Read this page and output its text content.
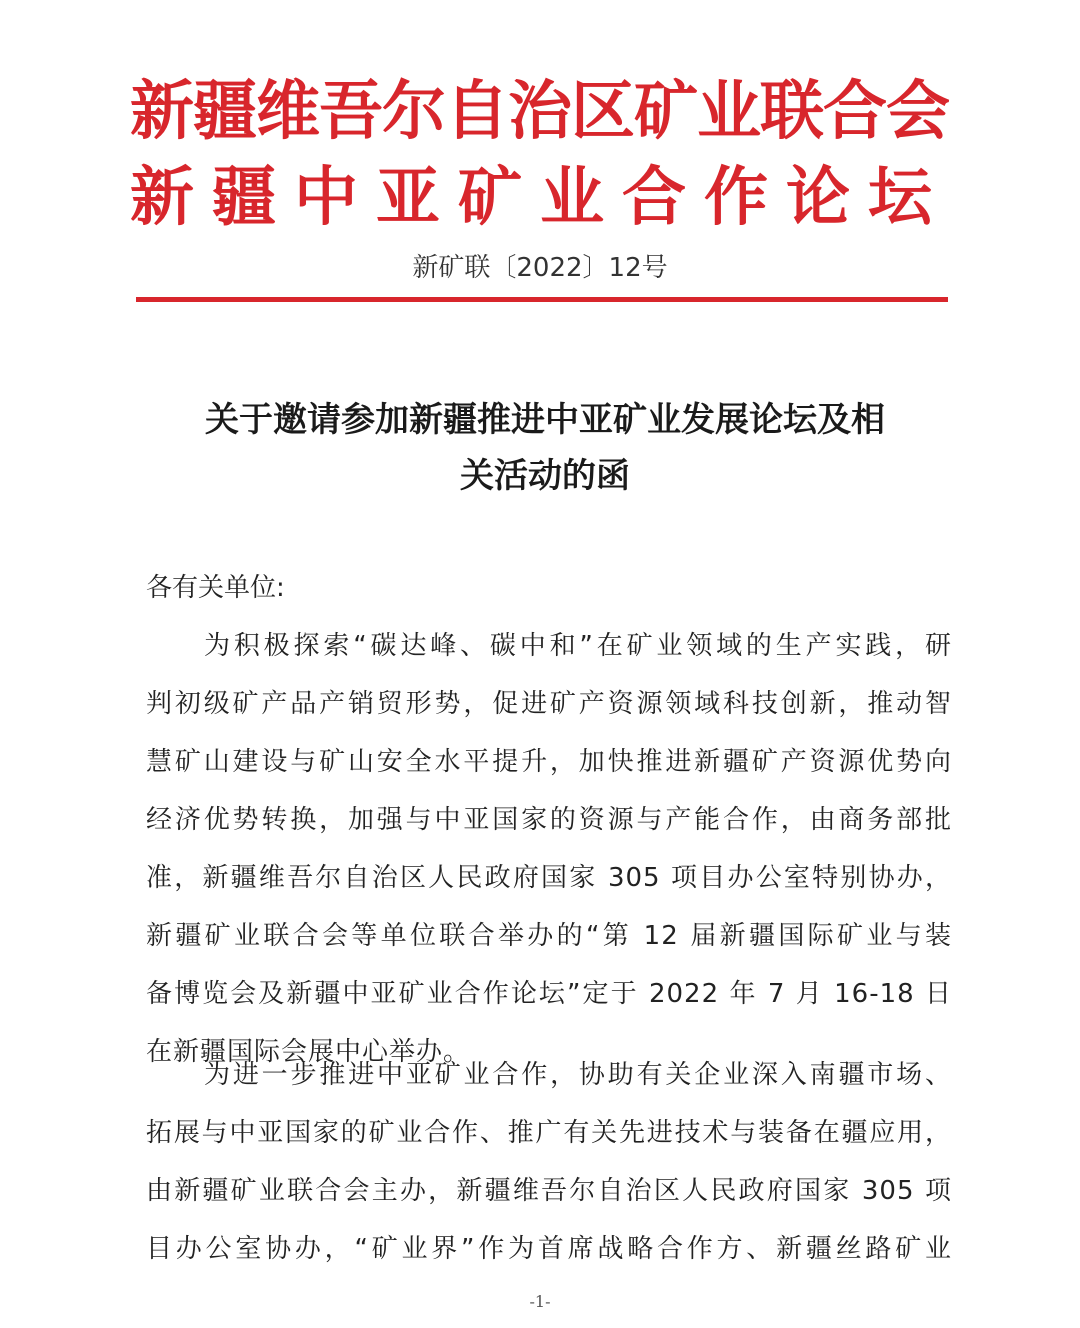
新疆维吾尔自治区矿业联合会
新疆中亚矿业合作论坛
新矿联〔2022〕12号
关于邀请参加新疆推进中亚矿业发展论坛及相
关活动的函
各有关单位:
为积极探索“碳达峰、碳中和”在矿业领域的生产实践，研
判初级矿产品产销贸形势，促进矿产资源领域科技创新，推动智
慧矿山建设与矿山安全水平提升，加快推进新疆矿产资源优势向
经济优势转换，加强与中亚国家的资源与产能合作，由商务部批
准，新疆维吾尔自治区人民政府国家 305 项目办公室特别协办，
新疆矿业联合会等单位联合举办的“第 12 届新疆国际矿业与装
备博览会及新疆中亚矿业合作论坛”定于 2022 年 7 月 16-18 日
在新疆国际会展中心举办。
为进一步推进中亚矿业合作，协助有关企业深入南疆市场、
拓展与中亚国家的矿业合作、推广有关先进技术与装备在疆应用，
由新疆矿业联合会主办，新疆维吾尔自治区人民政府国家 305 项
目办公室协办，“矿业界”作为首席战略合作方、新疆丝路矿业
-1-
